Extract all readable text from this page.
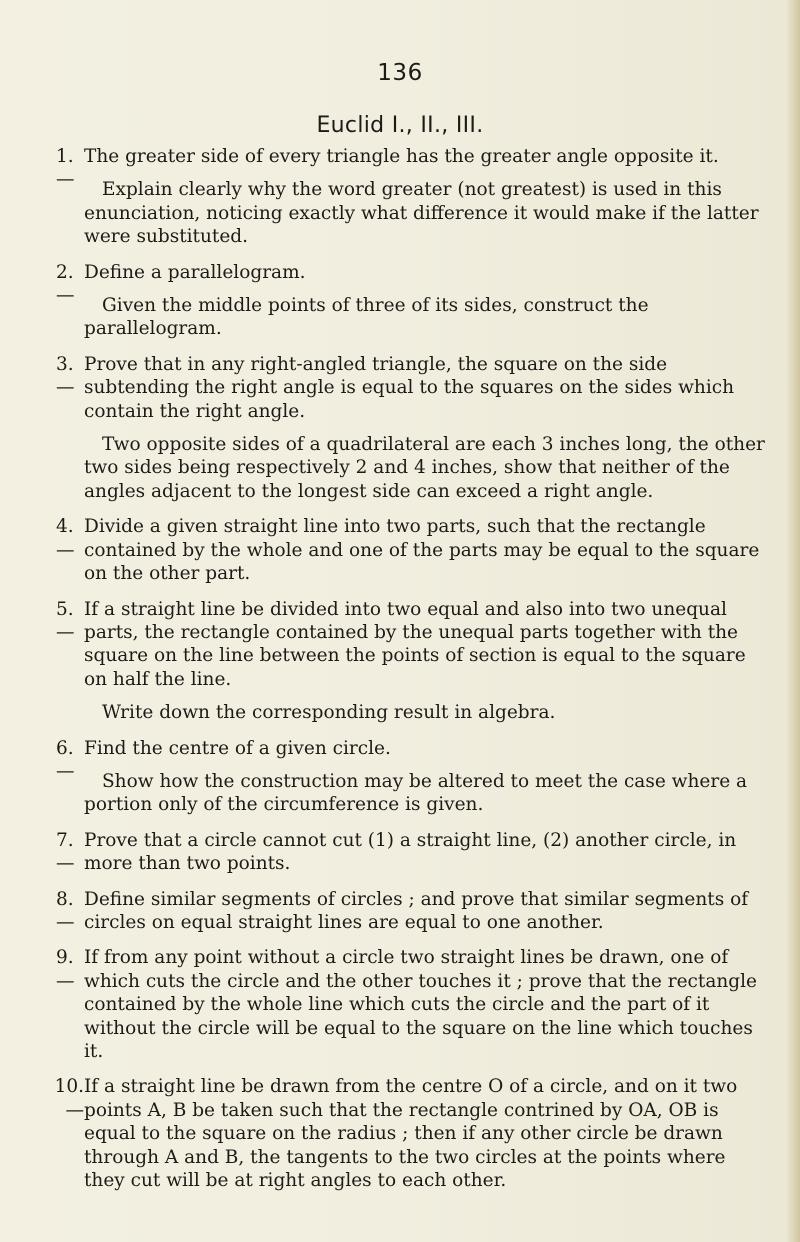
136
Euclid I., II., III.
1.—
The greater side of every triangle has the greater angle opposite it.

Explain clearly why the word greater (not greatest) is used in this enunciation, noticing exactly what difference it would make if the latter were substituted.

2.—
Define a parallelogram.

Given the middle points of three of its sides, construct the parallelogram.

3.—
Prove that in any right-angled triangle, the square on the side subtending the right angle is equal to the squares on the sides which contain the right angle.

Two opposite sides of a quadrilateral are each 3 inches long, the other two sides being respectively 2 and 4 inches, show that neither of the angles adjacent to the longest side can exceed a right angle.

4.—
Divide a given straight line into two parts, such that the rectangle contained by the whole and one of the parts may be equal to the square on the other part.
5.—
If a straight line be divided into two equal and also into two unequal parts, the rectangle contained by the unequal parts together with the square on the line between the points of section is equal to the square on half the line.

Write down the corresponding result in algebra.

6.—
Find the centre of a given circle.

Show how the construction may be altered to meet the case where a portion only of the circumference is given.

7.—
Prove that a circle cannot cut (1) a straight line, (2) another circle, in more than two points.
8.—
Define similar segments of circles ; and prove that similar segments of circles on equal straight lines are equal to one another.
9.—
If from any point without a circle two straight lines be drawn, one of which cuts the circle and the other touches it ; prove that the rectangle contained by the whole line which cuts the circle and the part of it without the circle will be equal to the square on the line which touches it.
10.—
If a straight line be drawn from the centre O of a circle, and on it two points A, B be taken such that the rectangle contrined by OA, OB is equal to the square on the radius ; then if any other circle be drawn through A and B, the tangents to the two circles at the points where they cut will be at right angles to each other.
